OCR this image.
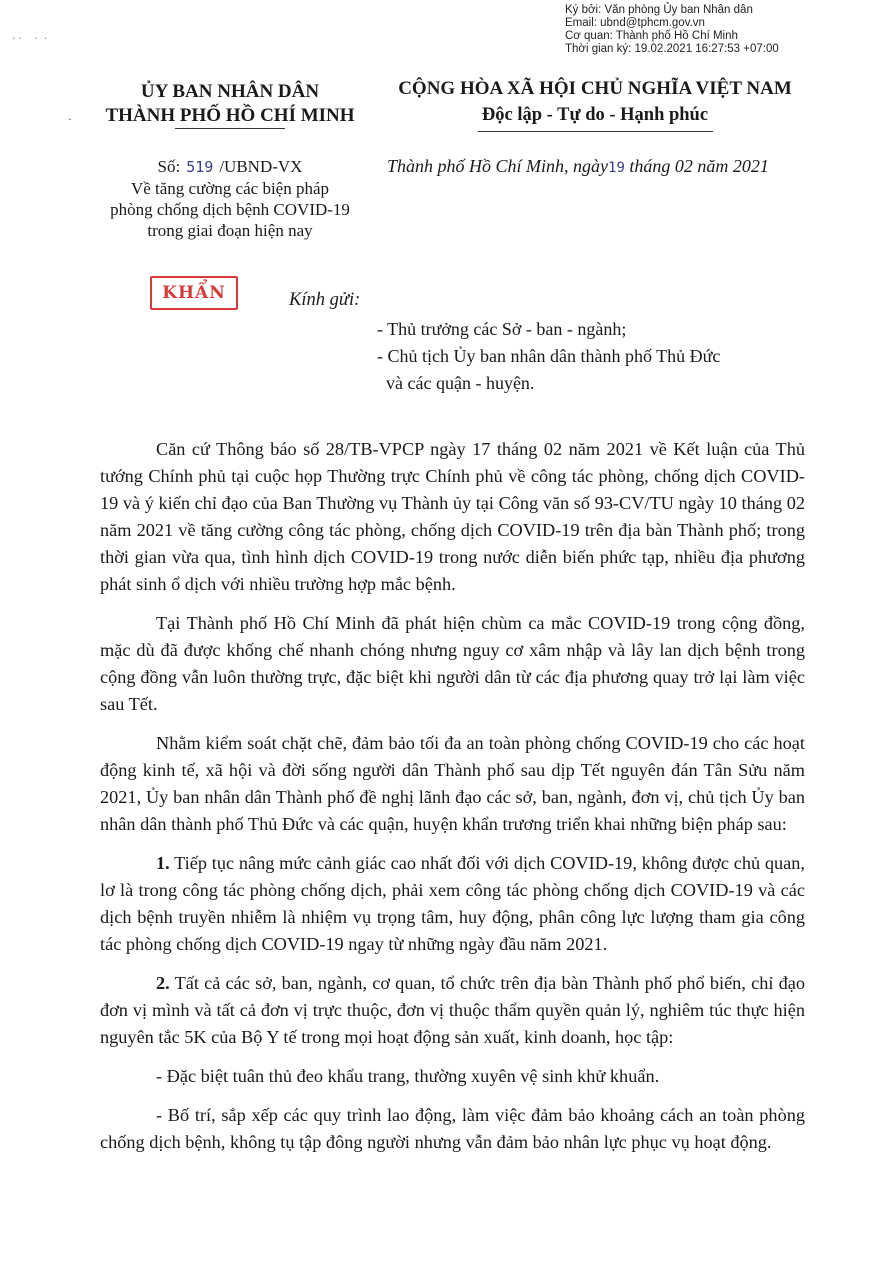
· ·    ·  ·
·
Ký bởi: Văn phòng Ủy ban Nhân dân
Email: ubnd@tphcm.gov.vn
Cơ quan: Thành phố Hồ Chí Minh
Thời gian ký: 19.02.2021 16:27:53 +07:00
ỦY BAN NHÂN DÂN
THÀNH PHỐ HỒ CHÍ MINH
CỘNG HÒA XÃ HỘI CHỦ NGHĨA VIỆT NAM
Độc lập - Tự do - Hạnh phúc
Số: 519 /UBND-VX
Về tăng cường các biện pháp
phòng chống dịch bệnh COVID-19
trong giai đoạn hiện nay
Thành phố Hồ Chí Minh, ngày19 tháng 02 năm 2021
KHẨN	Kính gửi:
- Thủ trưởng các Sở - ban - ngành;
- Chủ tịch Ủy ban nhân dân thành phố Thủ Đức
và các quận - huyện.

Căn cứ Thông báo số 28/TB-VPCP ngày 17 tháng 02 năm 2021 về Kết luận của Thủ tướng Chính phủ tại cuộc họp Thường trực Chính phủ về công tác phòng, chống dịch COVID-19 và ý kiến chỉ đạo của Ban Thường vụ Thành ủy tại Công văn số 93-CV/TU ngày 10 tháng 02 năm 2021 về tăng cường công tác phòng, chống dịch COVID-19 trên địa bàn Thành phố; trong thời gian vừa qua, tình hình dịch COVID-19 trong nước diễn biến phức tạp, nhiều địa phương phát sinh ổ dịch với nhiều trường hợp mắc bệnh.

Tại Thành phố Hồ Chí Minh đã phát hiện chùm ca mắc COVID-19 trong cộng đồng, mặc dù đã được khống chế nhanh chóng nhưng nguy cơ xâm nhập và lây lan dịch bệnh trong cộng đồng vẫn luôn thường trực, đặc biệt khi người dân từ các địa phương quay trở lại làm việc sau Tết.

Nhằm kiểm soát chặt chẽ, đảm bảo tối đa an toàn phòng chống COVID-19 cho các hoạt động kinh tế, xã hội và đời sống người dân Thành phố sau dịp Tết nguyên đán Tân Sửu năm 2021, Ủy ban nhân dân Thành phố đề nghị lãnh đạo các sở, ban, ngành, đơn vị, chủ tịch Ủy ban nhân dân thành phố Thủ Đức và các quận, huyện khẩn trương triển khai những biện pháp sau:

1. Tiếp tục nâng mức cảnh giác cao nhất đối với dịch COVID-19, không được chủ quan, lơ là trong công tác phòng chống dịch, phải xem công tác phòng chống dịch COVID-19 và các dịch bệnh truyền nhiễm là nhiệm vụ trọng tâm, huy động, phân công lực lượng tham gia công tác phòng chống dịch COVID-19 ngay từ những ngày đầu năm 2021.

2. Tất cả các sở, ban, ngành, cơ quan, tổ chức trên địa bàn Thành phố phổ biến, chỉ đạo đơn vị mình và tất cả đơn vị trực thuộc, đơn vị thuộc thẩm quyền quản lý, nghiêm túc thực hiện nguyên tắc 5K của Bộ Y tế trong mọi hoạt động sản xuất, kinh doanh, học tập:

- Đặc biệt tuân thủ đeo khẩu trang, thường xuyên vệ sinh khử khuẩn.

- Bố trí, sắp xếp các quy trình lao động, làm việc đảm bảo khoảng cách an toàn phòng chống dịch bệnh, không tụ tập đông người nhưng vẫn đảm bảo nhân lực phục vụ hoạt động.
